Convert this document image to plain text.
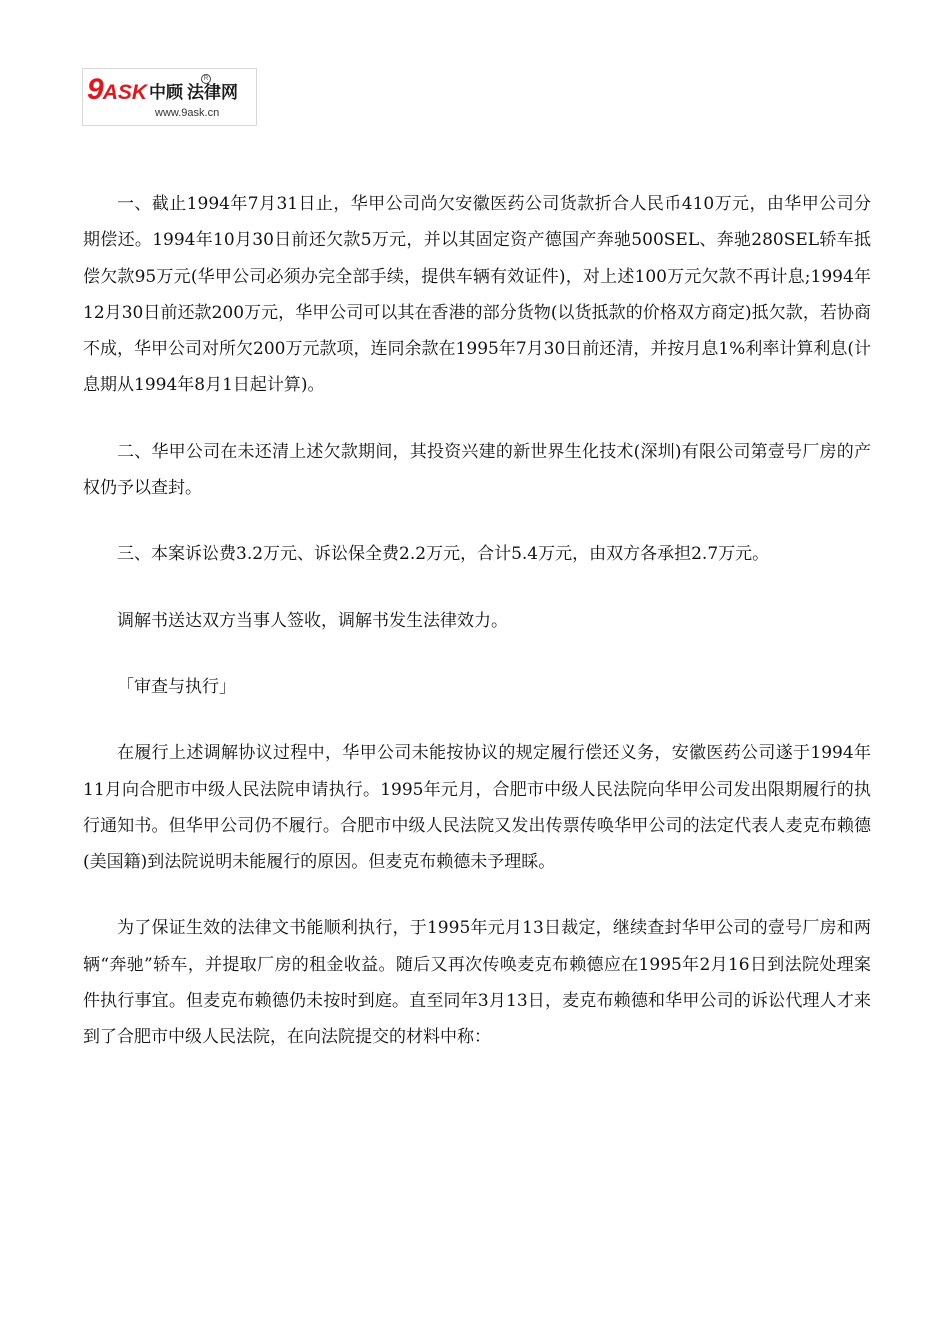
9 ASK 中顾 法律网
R
www.9ask.cn

一、截止1994年7月31日止，华甲公司尚欠安徽医药公司货款折合人民币410万元，由华甲公司分期偿还。1994年10月30日前还欠款5万元，并以其固定资产德国产奔驰500SEL、奔驰280SEL轿车抵偿欠款95万元(华甲公司必须办完全部手续，提供车辆有效证件)，对上述100万元欠款不再计息;1994年12月30日前还款200万元，华甲公司可以其在香港的部分货物(以货抵款的价格双方商定)抵欠款，若协商不成，华甲公司对所欠200万元款项，连同余款在1995年7月30日前还清，并按月息1%利率计算利息(计息期从1994年8月1日起计算)。

二、华甲公司在未还清上述欠款期间，其投资兴建的新世界生化技术(深圳)有限公司第壹号厂房的产权仍予以查封。

三、本案诉讼费3.2万元、诉讼保全费2.2万元，合计5.4万元，由双方各承担2.7万元。

调解书送达双方当事人签收，调解书发生法律效力。

「审查与执行」

在履行上述调解协议过程中，华甲公司未能按协议的规定履行偿还义务，安徽医药公司遂于1994年11月向合肥市中级人民法院申请执行。1995年元月，合肥市中级人民法院向华甲公司发出限期履行的执行通知书。但华甲公司仍不履行。合肥市中级人民法院又发出传票传唤华甲公司的法定代表人麦克布赖德(美国籍)到法院说明未能履行的原因。但麦克布赖德未予理睬。

为了保证生效的法律文书能顺利执行，于1995年元月13日裁定，继续查封华甲公司的壹号厂房和两辆“奔驰”轿车，并提取厂房的租金收益。随后又再次传唤麦克布赖德应在1995年2月16日到法院处理案件执行事宜。但麦克布赖德仍未按时到庭。直至同年3月13日，麦克布赖德和华甲公司的诉讼代理人才来到了合肥市中级人民法院，在向法院提交的材料中称：
